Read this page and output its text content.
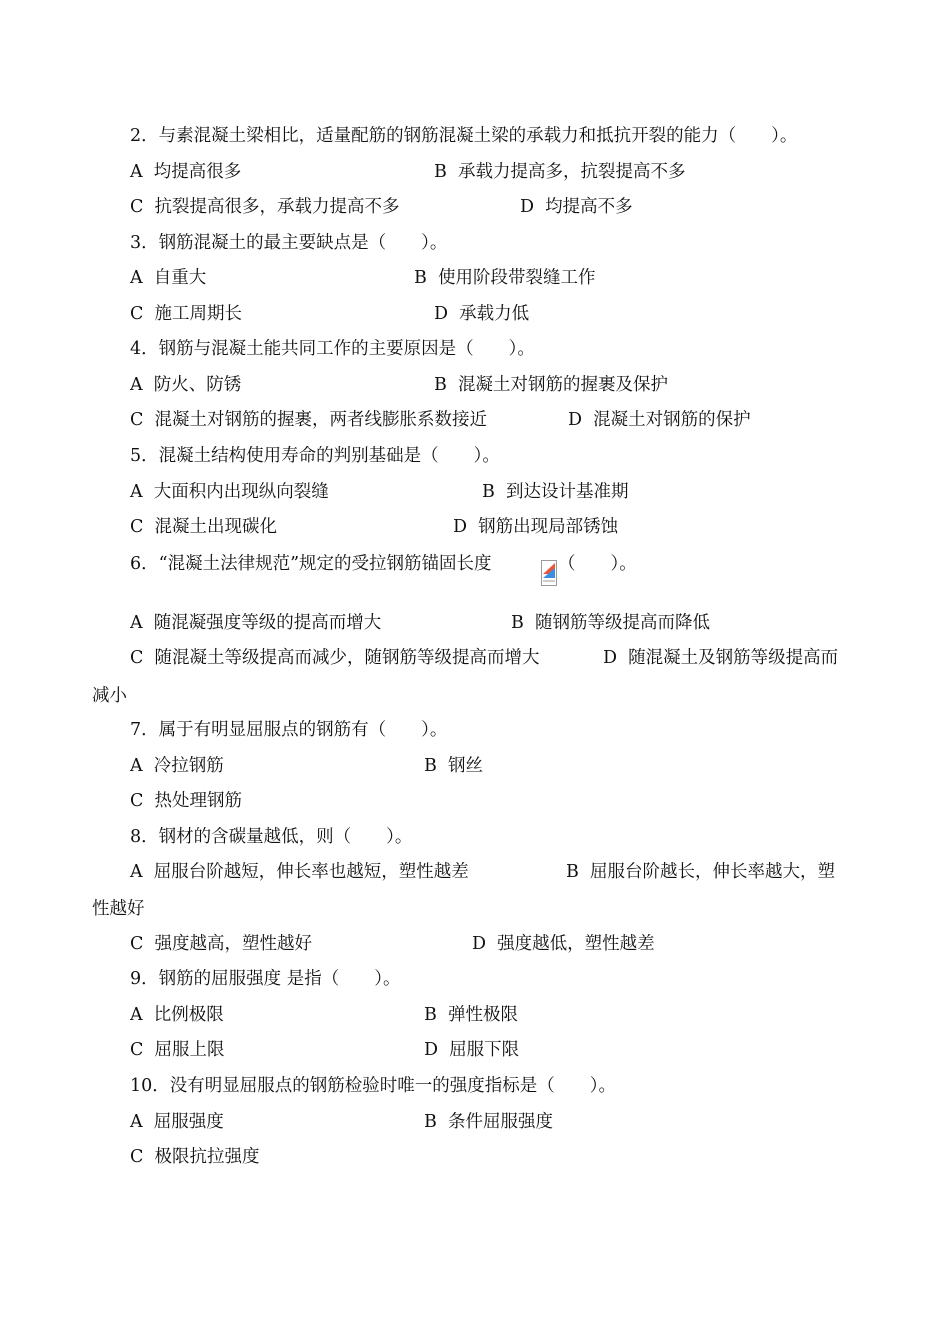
2．与素混凝土梁相比，适量配筋的钢筋混凝土梁的承载力和抵抗开裂的能力（　　）。
A  均提高很多	B  承载力提高多，抗裂提高不多
C  抗裂提高很多，承载力提高不多	D  均提高不多
3．钢筋混凝土的最主要缺点是（　　）。
A  自重大	B  使用阶段带裂缝工作
C  施工周期长	D  承载力低
4．钢筋与混凝土能共同工作的主要原因是（　　）。
A  防火、防锈	B  混凝土对钢筋的握裹及保护
C  混凝土对钢筋的握裹，两者线膨胀系数接近	D  混凝土对钢筋的保护
5．混凝土结构使用寿命的判别基础是（　　）。
A  大面积内出现纵向裂缝	B  到达设计基准期
C  混凝土出现碳化	D  钢筋出现局部锈蚀
6．“混凝土法律规范”规定的受拉钢筋锚固长度	（　　）。
A  随混凝强度等级的提高而增大	B  随钢筋等级提高而降低
C  随混凝土等级提高而减少，随钢筋等级提高而增大	D  随混凝土及钢筋等级提高而
减小
7．属于有明显屈服点的钢筋有（　　）。
A  冷拉钢筋	B  钢丝
C  热处理钢筋
8．钢材的含碳量越低，则（　　）。
A  屈服台阶越短，伸长率也越短，塑性越差	B  屈服台阶越长，伸长率越大，塑
性越好
C  强度越高，塑性越好	D  强度越低，塑性越差
9．钢筋的屈服强度 是指（　　）。
A  比例极限	B  弹性极限
C  屈服上限	D  屈服下限
10．没有明显屈服点的钢筋检验时唯一的强度指标是（　　）。
A  屈服强度	B  条件屈服强度
C  极限抗拉强度
